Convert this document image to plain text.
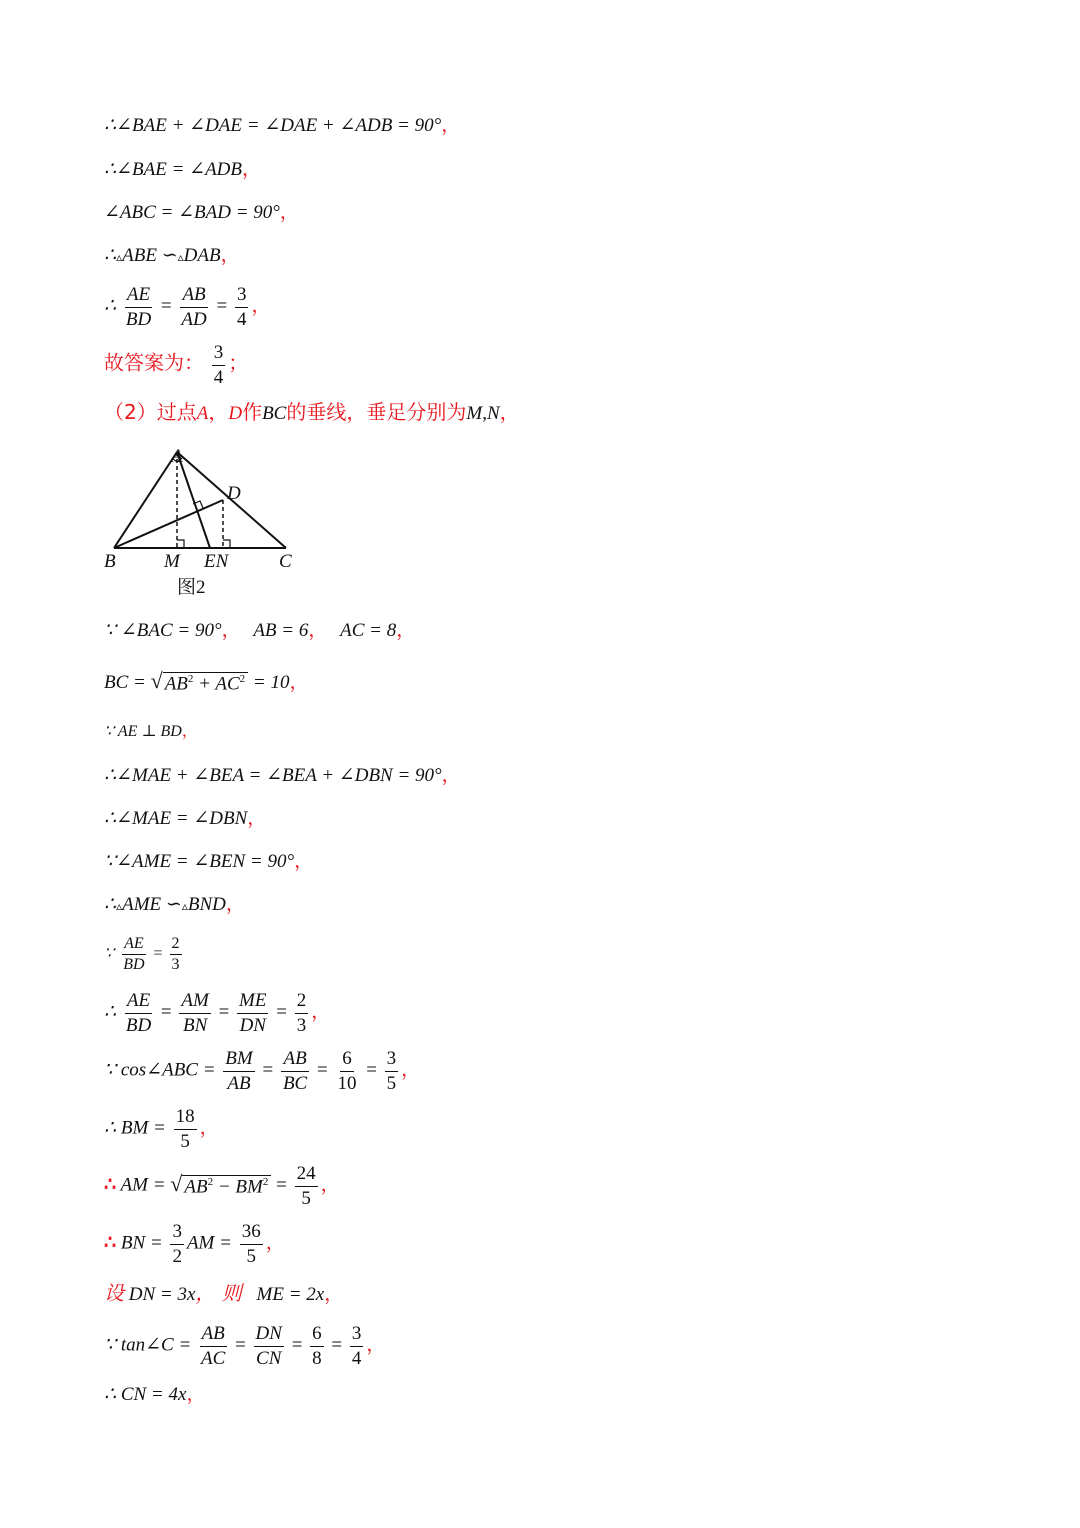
∴∠BAE + ∠DAE = ∠DAE + ∠ADB = 90°，
∴∠BAE = ∠ADB，
∠ABC = ∠BAD = 90°，
∴▵ABE ∽▵DAB，
∴ $\frac{AE}{BD} = \frac{AB}{AD} = \frac{3}{4}$ ，
故答案为： $\frac{3}{4}$ ；
（2）过点A，D作BC的垂线，垂足分别为M,N，
A
D
B	M EN	C
图2
∵ ∠BAC = 90°， AB = 6， AC = 8，
BC = √ $AB^2 + AC^2 = 10$，
∵ AE ⊥ BD，
∴∠MAE + ∠BEA = ∠BEA + ∠DBN = 90°，
∴∠MAE = ∠DBN，
∵∠AME = ∠BEN = 90°，
∴▵AME ∽▵BND，
∵ $\frac{AE}{BD} = \frac{2}{3}$
∴ $\frac{AE}{BD} = \frac{AM}{BN} = \frac{ME}{DN} = \frac{2}{3}$ ，
∵ cos∠ABC = $\frac{BM}{AB} = \frac{AB}{BC} = \frac{6}{10} = \frac{3}{5}$ ，
∴ BM = $\frac{18}{5}$ ，
∴ AM = √ $AB^2 - BM^2 = \frac{24}{5}$ ，
∴ BN = $\frac{3}{2}$ AM = $\frac{36}{5}$ ，
设 DN = 3x， 则 ME = 2x，
∵ tan∠C = $\frac{AB}{AC} = \frac{DN}{CN} = \frac{6}{8} = \frac{3}{4}$ ，
∴ CN = 4x，
